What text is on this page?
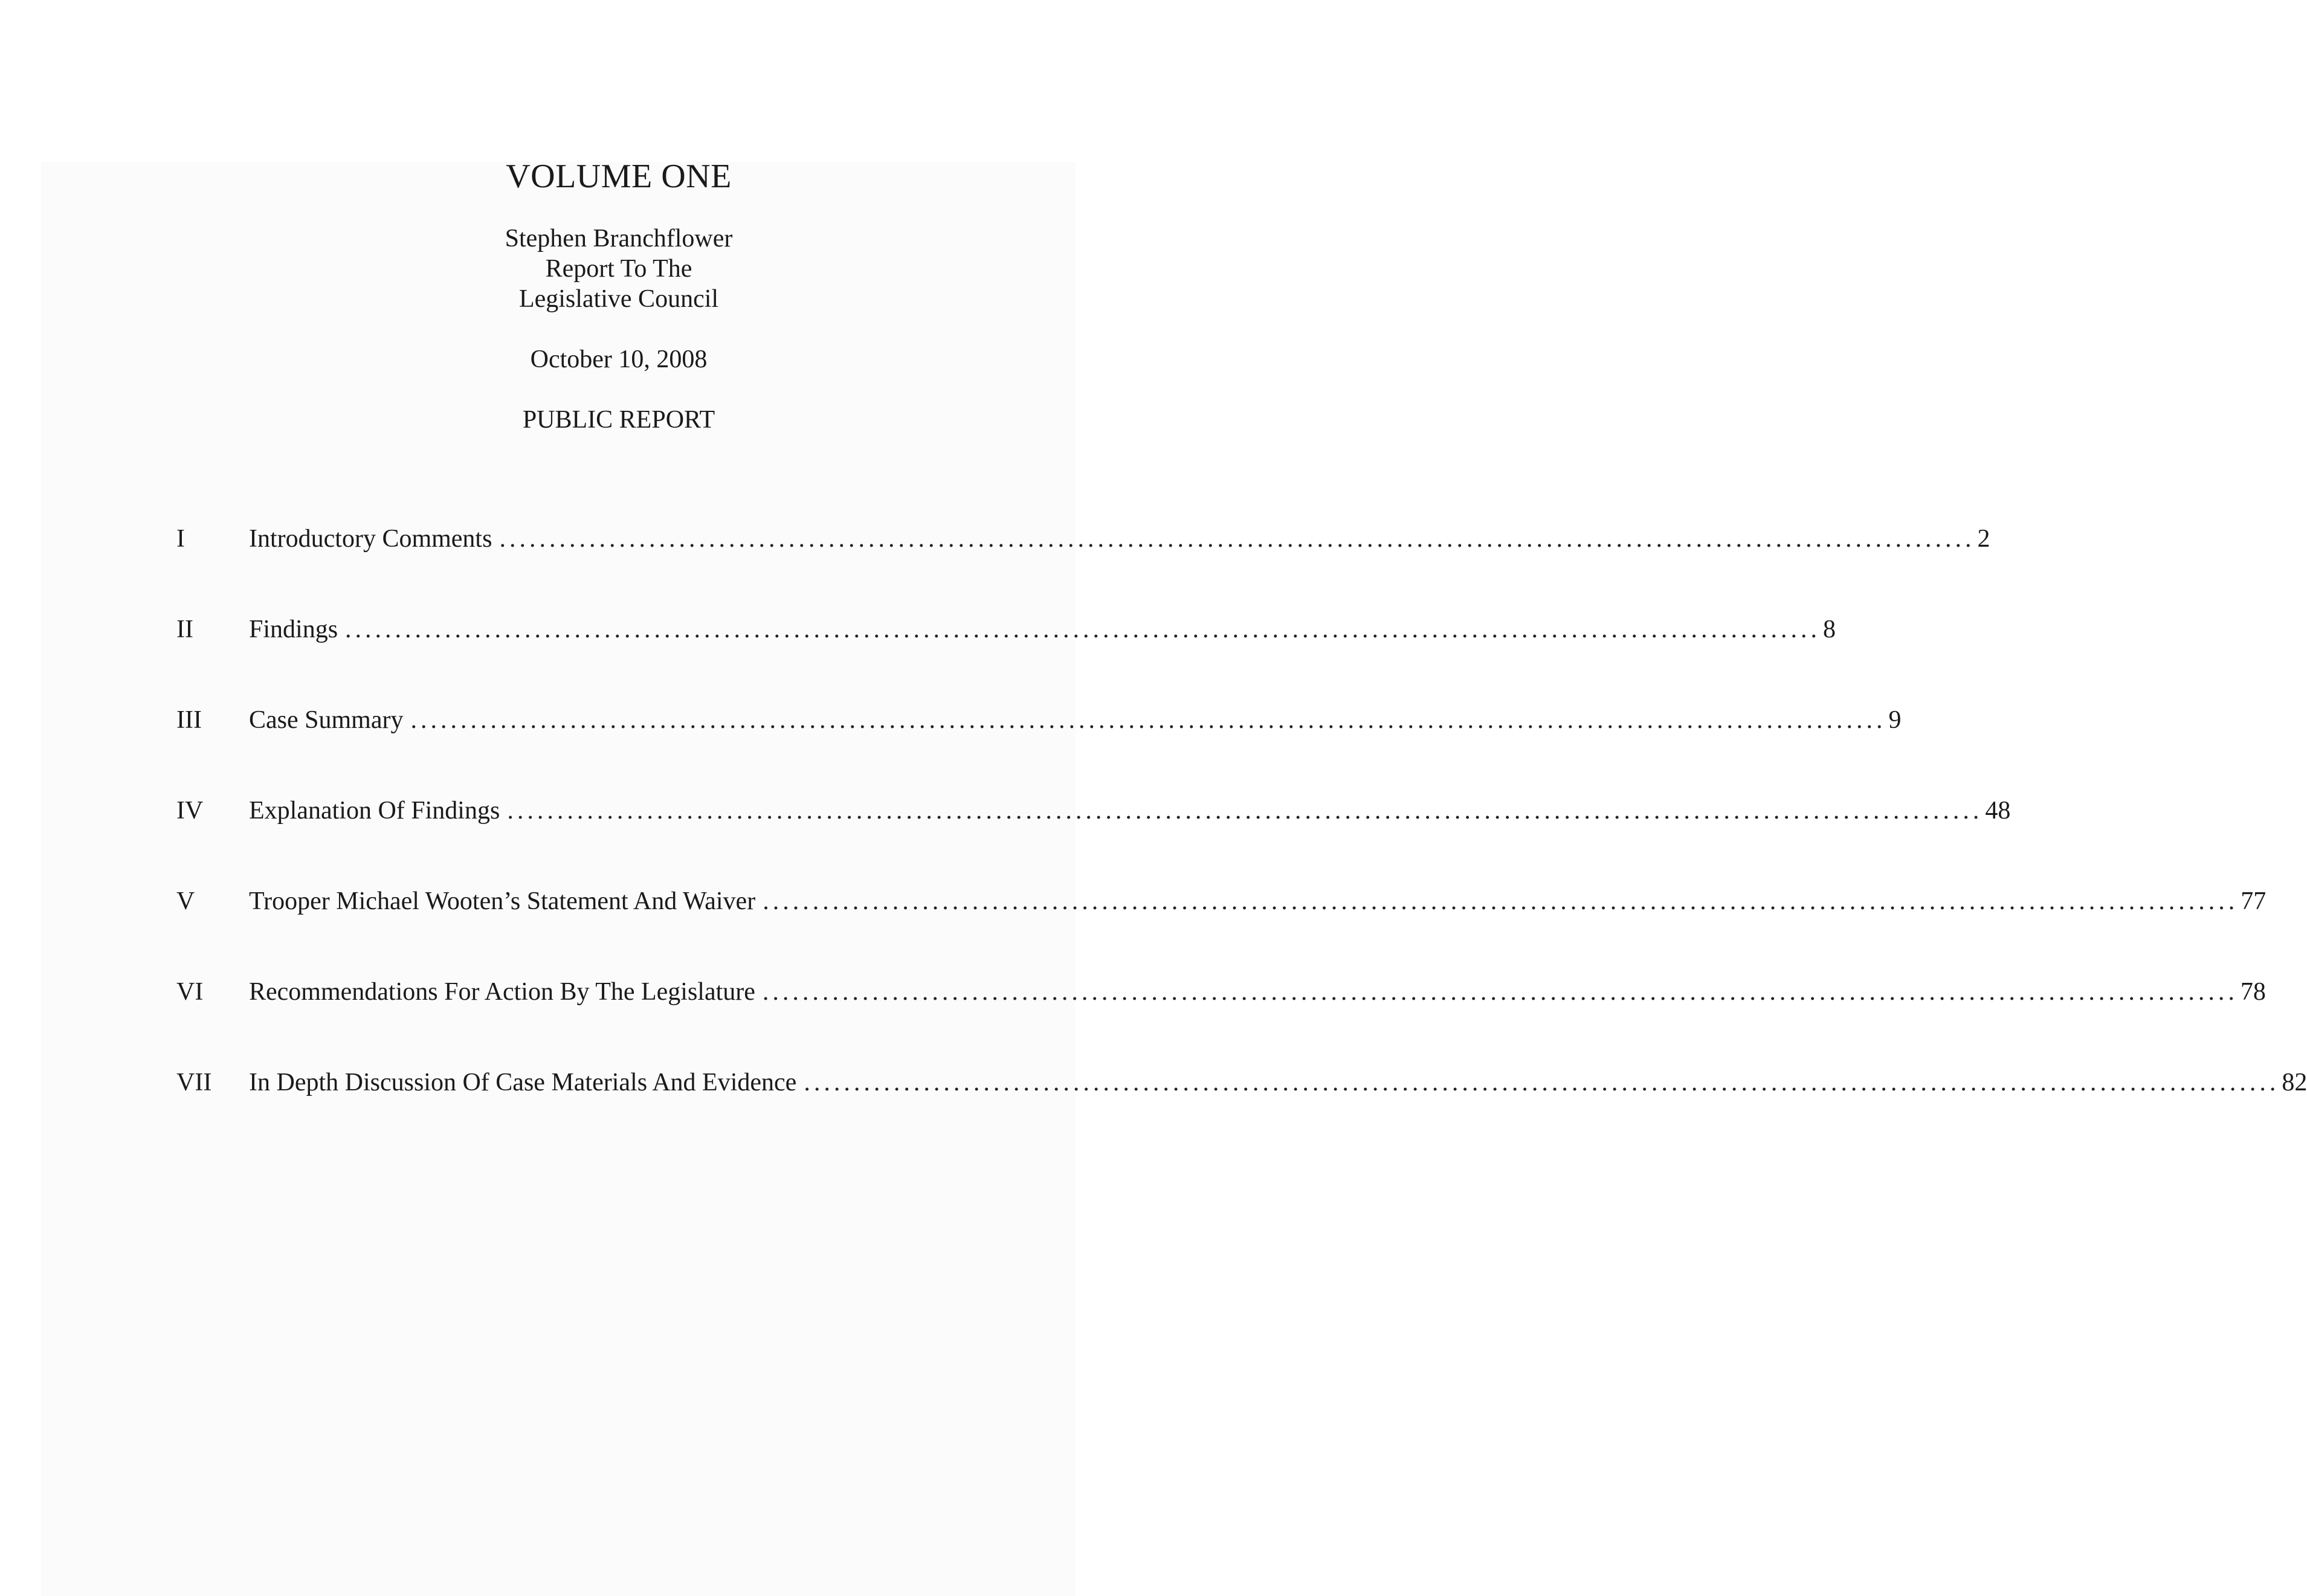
VOLUME ONE
Stephen Branchflower
Report To The
Legislative Council
October 10, 2008
PUBLIC REPORT
I	Introductory Comments .................................................................................................................................................... 2
II Findings .................................................................................................................................................... 8
III Case Summary .................................................................................................................................................... 9
IV Explanation Of Findings .................................................................................................................................................... 48
V Trooper Michael Wooten’s Statement And Waiver .................................................................................................................................................... 77
VI Recommendations For Action By The Legislature .................................................................................................................................................... 78
VII In Depth Discussion Of Case Materials And Evidence .................................................................................................................................................... 82
